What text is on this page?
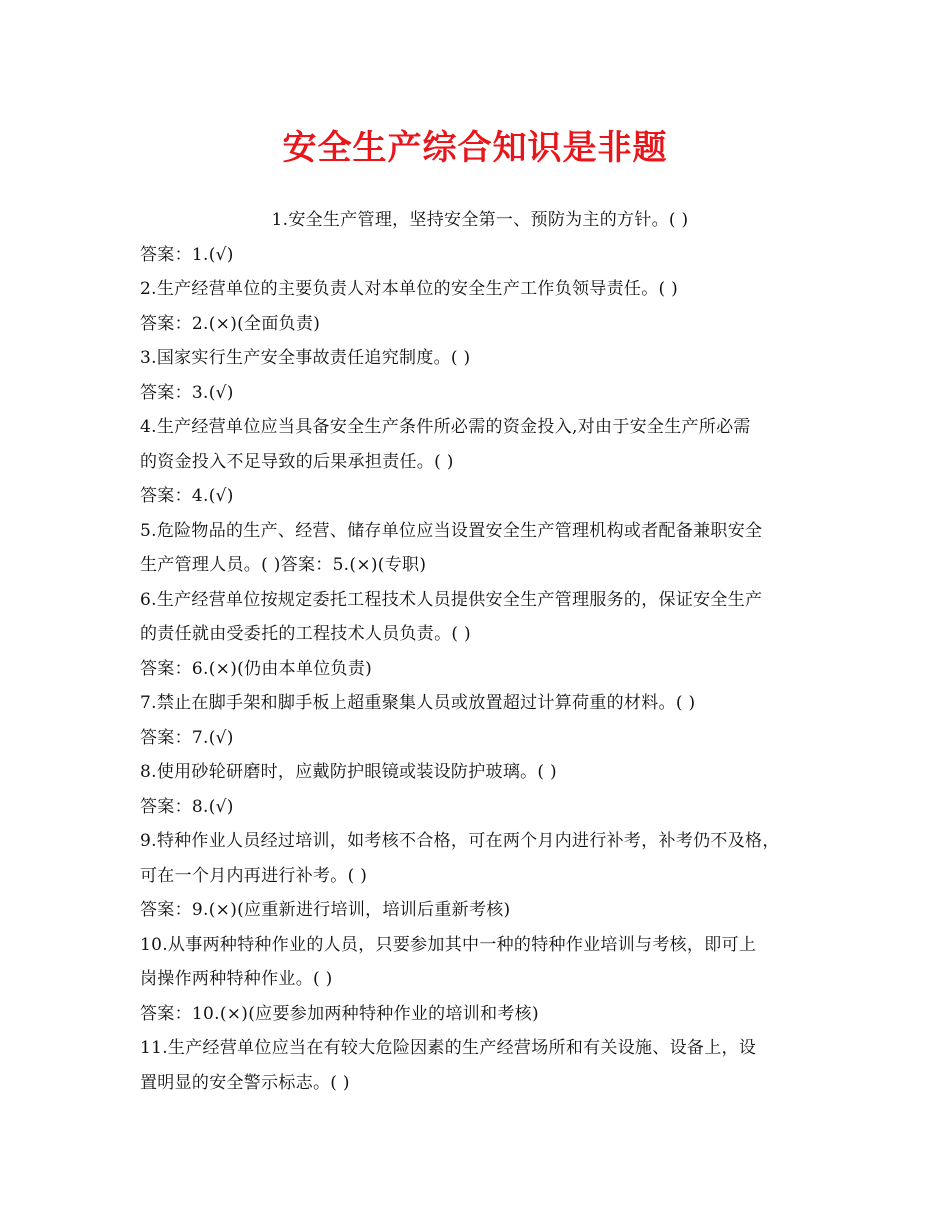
安全生产综合知识是非题
1.安全生产管理，坚持安全第一、预防为主的方针。( )
答案：1.(√)
2.生产经营单位的主要负责人对本单位的安全生产工作负领导责任。( )
答案：2.(×)(全面负责)
3.国家实行生产安全事故责任追究制度。( )
答案：3.(√)
4.生产经营单位应当具备安全生产条件所必需的资金投入,对由于安全生产所必需
的资金投入不足导致的后果承担责任。( )
答案：4.(√)
5.危险物品的生产、经营、储存单位应当设置安全生产管理机构或者配备兼职安全
生产管理人员。( )答案：5.(×)(专职)
6.生产经营单位按规定委托工程技术人员提供安全生产管理服务的，保证安全生产
的责任就由受委托的工程技术人员负责。( )
答案：6.(×)(仍由本单位负责)
7.禁止在脚手架和脚手板上超重聚集人员或放置超过计算荷重的材料。( )
答案：7.(√)
8.使用砂轮研磨时，应戴防护眼镜或装设防护玻璃。( )
答案：8.(√)
9.特种作业人员经过培训，如考核不合格，可在两个月内进行补考，补考仍不及格，
可在一个月内再进行补考。( )
答案：9.(×)(应重新进行培训，培训后重新考核)
10.从事两种特种作业的人员，只要参加其中一种的特种作业培训与考核，即可上
岗操作两种特种作业。( )
答案：10.(×)(应要参加两种特种作业的培训和考核)
11.生产经营单位应当在有较大危险因素的生产经营场所和有关设施、设备上，设
置明显的安全警示标志。( )
